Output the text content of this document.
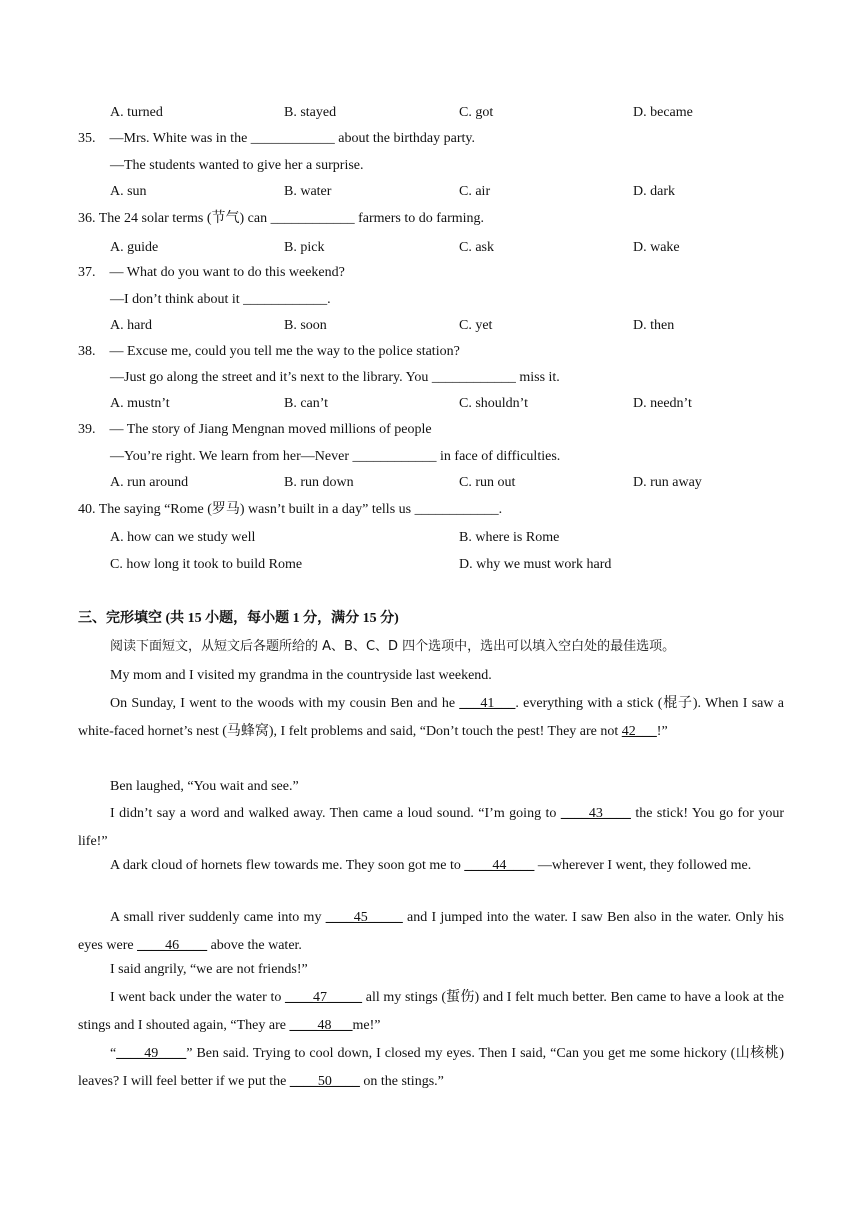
A. turned	B. stayed	C. got	D. became
35.    —Mrs. White was in the ____________ about the birthday party.
—The students wanted to give her a surprise.
A. sun	B. water	C. air	D. dark
36. The 24 solar terms (节气) can ____________ farmers to do farming.
A. guide	B. pick	C. ask	D. wake
37.    — What do you want to do this weekend?
—I don’t think about it ____________.
A. hard	B. soon	C. yet	D. then
38.    — Excuse me, could you tell me the way to the police station?
—Just go along the street and it’s next to the library. You ____________ miss it.
A. mustn’t	B. can’t	C. shouldn’t	D. needn’t
39.    — The story of Jiang Mengnan moved millions of people
—You’re right. We learn from her—Never ____________ in face of difficulties.
A. run around	B. run down	C. run out	D. run away
40. The saying “Rome (罗马) wasn’t built in a day” tells us ____________.
A. how can we study well	B. where is Rome
C. how long it took to build Rome	D. why we must work hard
三、完形填空 (共 15 小题，每小题 1 分，满分 15 分)
阅读下面短文，从短文后各题所给的 A、B、C、D 四个选项中，选出可以填入空白处的最佳选项。
My mom and I visited my grandma in the countryside last weekend.
On Sunday, I went to the woods with my cousin Ben and he ___41___. everything with a stick (棍子). When I saw a white-faced hornet’s nest (马蜂窝), I felt problems and said, “Don’t touch the pest! They are not 42___!”
Ben laughed, “You wait and see.”
I didn’t say a word and walked away. Then came a loud sound. “I’m going to ____43____ the stick! You go for your life!”
A dark cloud of hornets flew towards me. They soon got me to ____44____ —wherever I went, they followed me.
A small river suddenly came into my ____45_____ and I jumped into the water. I saw Ben also in the water. Only his eyes were ____46____ above the water.
I said angrily, “we are not friends!”
I went back under the water to ____47_____ all my stings (蜇伤) and I felt much better. Ben came to have a look at the stings and I shouted again, “They are ____48___me!”
“____49____” Ben said. Trying to cool down, I closed my eyes. Then I said, “Can you get me some hickory (山核桃) leaves? I will feel better if we put the ____50____ on the stings.”
